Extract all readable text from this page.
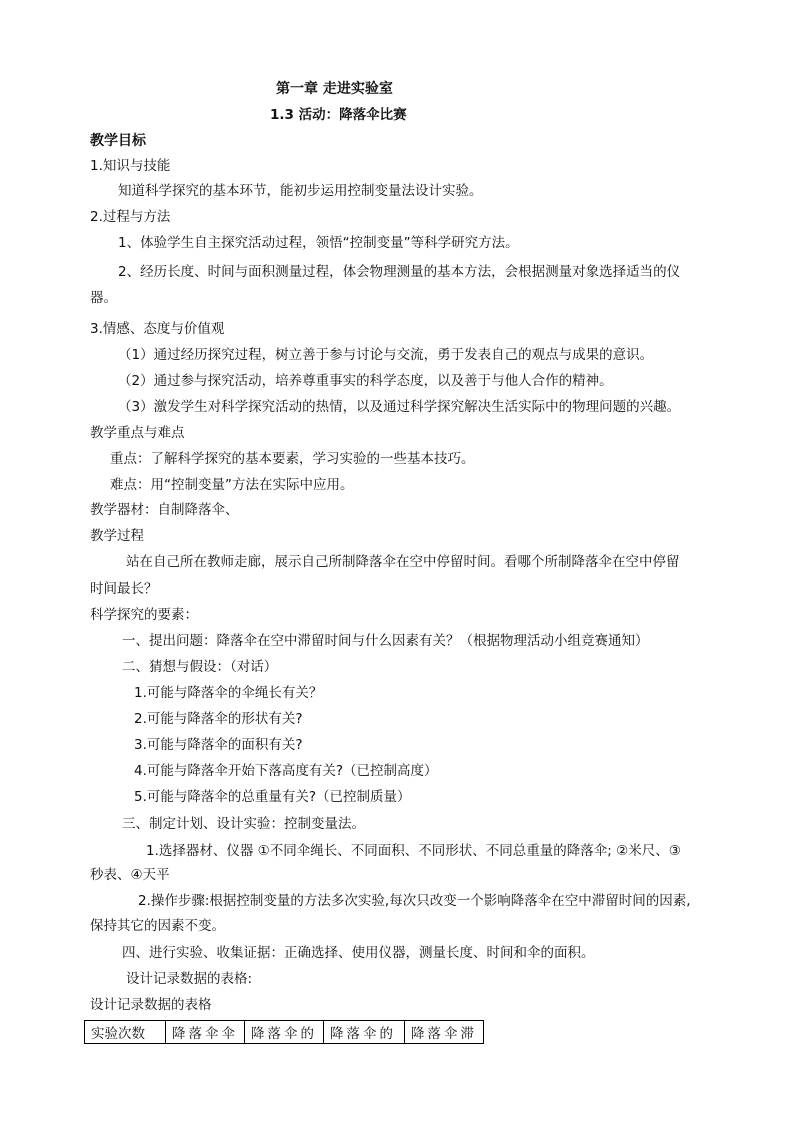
第一章 走进实验室
1.3 活动：降落伞比赛
教学目标
1.知识与技能
知道科学探究的基本环节，能初步运用控制变量法设计实验。
2.过程与方法
1、体验学生自主探究活动过程，领悟“控制变量”等科学研究方法。
2、经历长度、时间与面积测量过程，体会物理测量的基本方法，会根据测量对象选择适当的仪
器。
3.情感、态度与价值观
（1）通过经历探究过程，树立善于参与讨论与交流，勇于发表自己的观点与成果的意识。
（2）通过参与探究活动，培养尊重事实的科学态度，以及善于与他人合作的精神。
（3）激发学生对科学探究活动的热情，以及通过科学探究解决生活实际中的物理问题的兴趣。
教学重点与难点
重点：了解科学探究的基本要素，学习实验的一些基本技巧。
难点：用“控制变量”方法在实际中应用。
教学器材：自制降落伞、
教学过程
站在自己所在教师走廊，展示自己所制降落伞在空中停留时间。看哪个所制降落伞在空中停留
时间最长？
科学探究的要素：
一、提出问题：降落伞在空中滞留时间与什么因素有关？（根据物理活动小组竞赛通知）
二、猜想与假设：（对话）
1.可能与降落伞的伞绳长有关？
2.可能与降落伞的形状有关?
3.可能与降落伞的面积有关?
4.可能与降落伞开始下落高度有关?（已控制高度）
5.可能与降落伞的总重量有关?（已控制质量）
三、制定计划、设计实验：控制变量法。
1.选择器材、仪器 ①不同伞绳长、不同面积、不同形状、不同总重量的降落伞; ②米尺、③
秒表、④天平
2.操作步骤:根据控制变量的方法多次实验,每次只改变一个影响降落伞在空中滞留时间的因素,
保持其它的因素不变。
四、进行实验、收集证据：正确选择、使用仪器，测量长度、时间和伞的面积。
设计记录数据的表格:
设计记录数据的表格
实验次数	降落伞伞	降落伞的	降落伞的	降落伞滞
